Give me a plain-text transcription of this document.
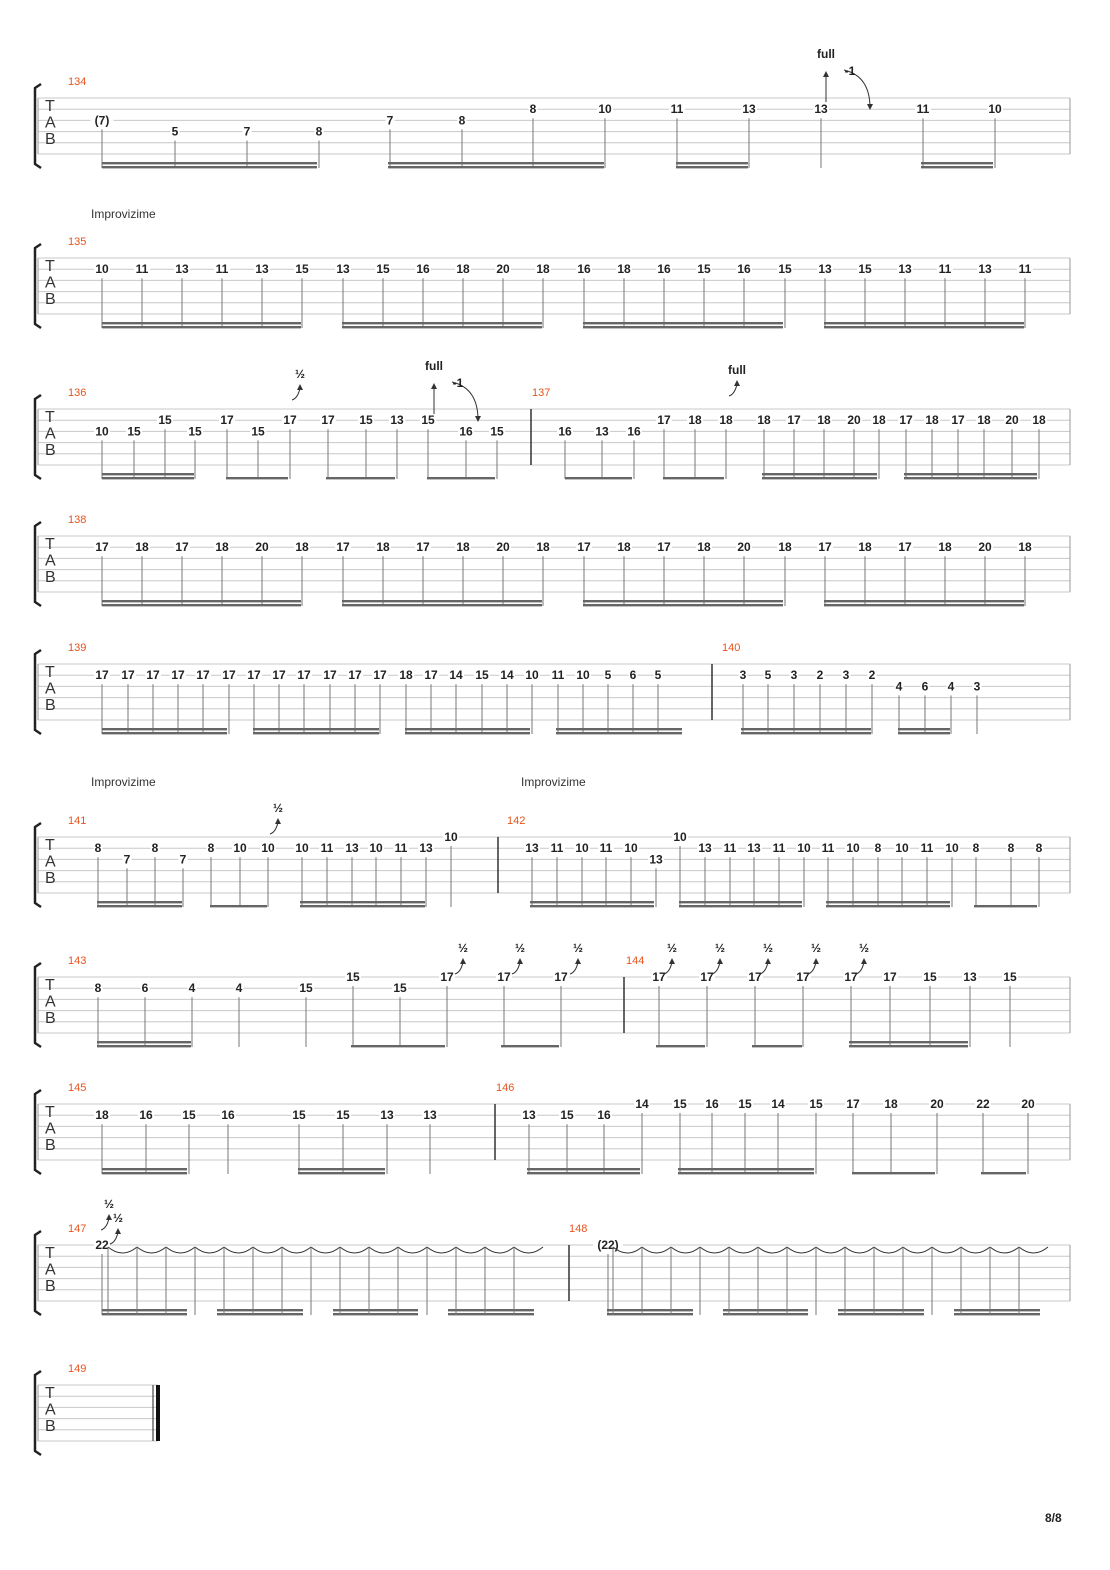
T
A
B
134
(7)
5	7	8
7	8
8	10	11	13	13	11	10
T
A
B
Improvizime
135
10 11 13 11 13 15 13 15 16 18 20 18 16 18 16 15 16 15 13 15 13 11 13 11
T
A
B
136
10 15
15
15
17
15
17 17 15 13 15
16 15
137
16 13 16
17 18 18 18 17 18 20 18 17 18 17 18 20 18
T
A
B
138
17 18 17 18 20 18 17 18 17 18 20 18 17 18 17 18 20 18 17 18 17 18 20 18
T
A
B
139
17 17 17 17 17 17 17 17 17 17 17 17 18 17 14 15 14 10 11 10 5 6 5
140
3 5 3 2 3 2
4 6 4 3
T
A
B
Improvizime	Improvizime
141
8
7
8
7
8 10 10 10 11 13 10 11 13
10
142
13 11 10 11 10
13
10
13 11 13 11 10 11 10 8 10 11 10 8 8 8
T
A
B
143
8	6	4	4	15
15
15
17	17	17
144
17	17	17	17	17 17 15 13 15
T
A
B
145
18	16 15 16	15	15	13 13
146
13 15 16
14 15 16 15 14 15 17 18	20	22	20
T
A
B
147
22
148
(22)
T
A
B
149
full
-1
½
full
-1
full
½
½	½	½	½	½	½	½	½
½
½
8/8
